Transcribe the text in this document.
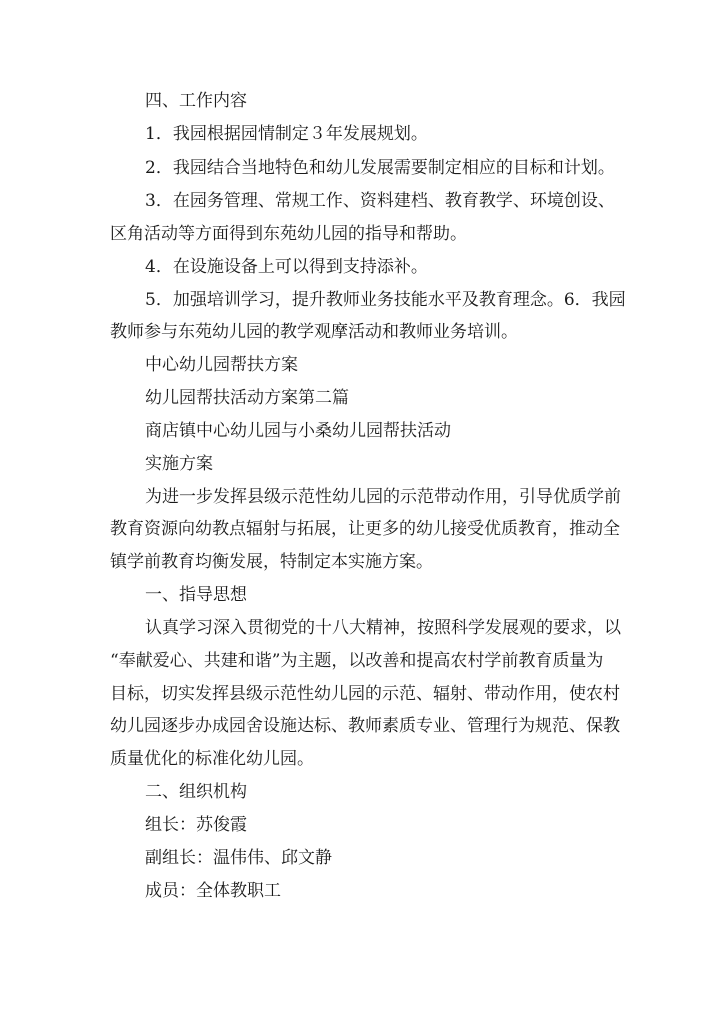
四、工作内容
1．我园根据园情制定３年发展规划。
2．我园结合当地特色和幼儿发展需要制定相应的目标和计划。
3．在园务管理、常规工作、资料建档、教育教学、环境创设、
区角活动等方面得到东苑幼儿园的指导和帮助。
4．在设施设备上可以得到支持添补。
5．加强培训学习，提升教师业务技能水平及教育理念。6．我园
教师参与东苑幼儿园的教学观摩活动和教师业务培训。
中心幼儿园帮扶方案
幼儿园帮扶活动方案第二篇
商店镇中心幼儿园与小桑幼儿园帮扶活动
实施方案
为进一步发挥县级示范性幼儿园的示范带动作用，引导优质学前
教育资源向幼教点辐射与拓展，让更多的幼儿接受优质教育，推动全
镇学前教育均衡发展，特制定本实施方案。
一、指导思想
认真学习深入贯彻党的十八大精神，按照科学发展观的要求，以
“奉献爱心、共建和谐”为主题，以改善和提高农村学前教育质量为
目标，切实发挥县级示范性幼儿园的示范、辐射、带动作用，使农村
幼儿园逐步办成园舍设施达标、教师素质专业、管理行为规范、保教
质量优化的标准化幼儿园。
二、组织机构
组长：苏俊霞
副组长：温伟伟、邱文静
成员：全体教职工
